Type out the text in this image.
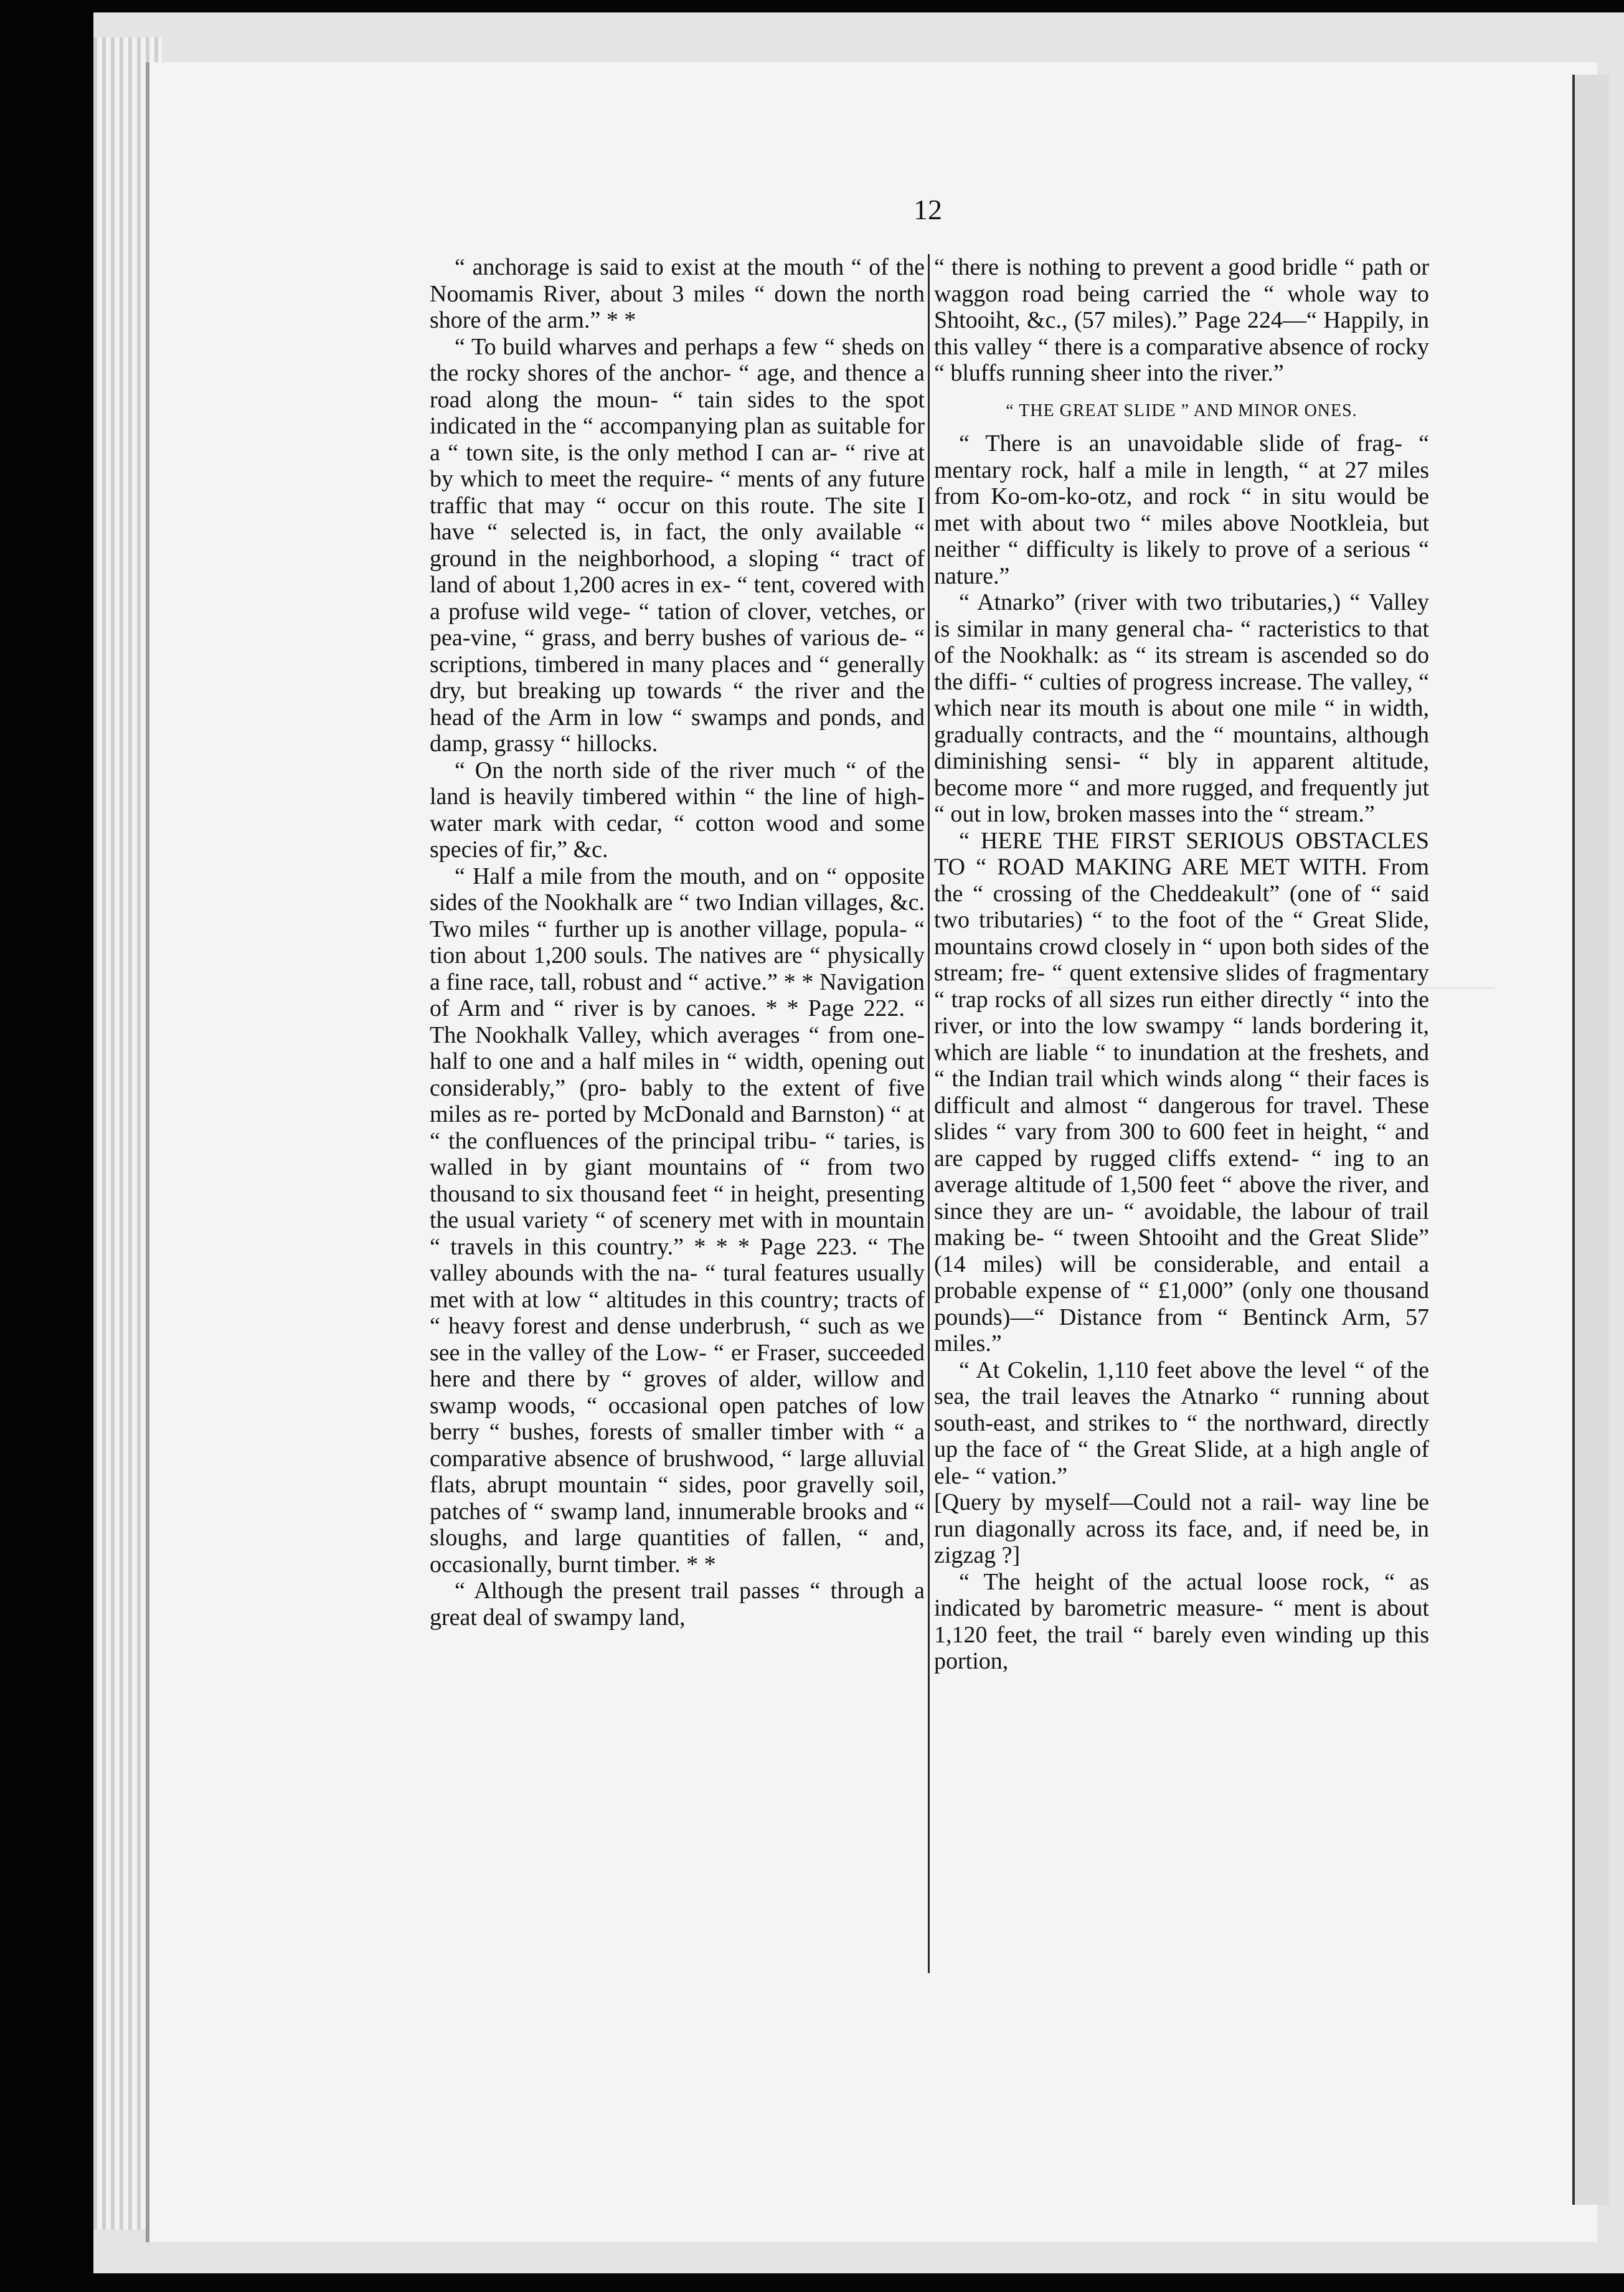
12

“ anchorage is said to exist at the mouth “ of the Noomamis River, about 3 miles “ down the north shore of the arm.” * *

“ To build wharves and perhaps a few “ sheds on the rocky shores of the anchor- “ age, and thence a road along the moun- “ tain sides to the spot indicated in the “ accompanying plan as suitable for a “ town site, is the only method I can ar- “ rive at by which to meet the require- “ ments of any future traffic that may “ occur on this route. The site I have “ selected is, in fact, the only available “ ground in the neighborhood, a sloping “ tract of land of about 1,200 acres in ex- “ tent, covered with a profuse wild vege- “ tation of clover, vetches, or pea-vine, “ grass, and berry bushes of various de- “ scriptions, timbered in many places and “ generally dry, but breaking up towards “ the river and the head of the Arm in low “ swamps and ponds, and damp, grassy “ hillocks.

“ On the north side of the river much “ of the land is heavily timbered within “ the line of high-water mark with cedar, “ cotton wood and some species of fir,” &c.

“ Half a mile from the mouth, and on “ opposite sides of the Nookhalk are “ two Indian villages, &c. Two miles “ further up is another village, popula- “ tion about 1,200 souls. The natives are “ physically a fine race, tall, robust and “ active.” * * Navigation of Arm and “ river is by canoes. * * Page 222. “ The Nookhalk Valley, which averages “ from one-half to one and a half miles in “ width, opening out considerably,” (pro- bably to the extent of five miles as re- ported by McDonald and Barnston) “ at “ the confluences of the principal tribu- “ taries, is walled in by giant mountains of “ from two thousand to six thousand feet “ in height, presenting the usual variety “ of scenery met with in mountain “ travels in this country.” * * * Page 223. “ The valley abounds with the na- “ tural features usually met with at low “ altitudes in this country; tracts of “ heavy forest and dense underbrush, “ such as we see in the valley of the Low- “ er Fraser, succeeded here and there by “ groves of alder, willow and swamp woods, “ occasional open patches of low berry “ bushes, forests of smaller timber with “ a comparative absence of brushwood, “ large alluvial flats, abrupt mountain “ sides, poor gravelly soil, patches of “ swamp land, innumerable brooks and “ sloughs, and large quantities of fallen, “ and, occasionally, burnt timber. * *

“ Although the present trail passes “ through a great deal of swampy land,

“ there is nothing to prevent a good bridle “ path or waggon road being carried the “ whole way to Shtooiht, &c., (57 miles).” Page 224—“ Happily, in this valley “ there is a comparative absence of rocky “ bluffs running sheer into the river.”

“ THE GREAT SLIDE ” AND MINOR ONES.

“ There is an unavoidable slide of frag- “ mentary rock, half a mile in length, “ at 27 miles from Ko-om-ko-otz, and rock “ in situ would be met with about two “ miles above Nootkleia, but neither “ difficulty is likely to prove of a serious “ nature.”

“ Atnarko” (river with two tributaries,) “ Valley is similar in many general cha- “ racteristics to that of the Nookhalk: as “ its stream is ascended so do the diffi- “ culties of progress increase. The valley, “ which near its mouth is about one mile “ in width, gradually contracts, and the “ mountains, although diminishing sensi- “ bly in apparent altitude, become more “ and more rugged, and frequently jut “ out in low, broken masses into the “ stream.”

“ HERE THE FIRST SERIOUS OBSTACLES TO “ ROAD MAKING ARE MET WITH. From the “ crossing of the Cheddeakult” (one of “ said two tributaries) “ to the foot of the “ Great Slide, mountains crowd closely in “ upon both sides of the stream; fre- “ quent extensive slides of fragmentary “ trap rocks of all sizes run either directly “ into the river, or into the low swampy “ lands bordering it, which are liable “ to inundation at the freshets, and “ the Indian trail which winds along “ their faces is difficult and almost “ dangerous for travel. These slides “ vary from 300 to 600 feet in height, “ and are capped by rugged cliffs extend- “ ing to an average altitude of 1,500 feet “ above the river, and since they are un- “ avoidable, the labour of trail making be- “ tween Shtooiht and the Great Slide” (14 miles) will be considerable, and entail a probable expense of “ £1,000” (only one thousand pounds)—“ Distance from “ Bentinck Arm, 57 miles.”

“ At Cokelin, 1,110 feet above the level “ of the sea, the trail leaves the Atnarko “ running about south-east, and strikes to “ the northward, directly up the face of “ the Great Slide, at a high angle of ele- “ vation.”

[Query by myself—Could not a rail- way line be run diagonally across its face, and, if need be, in zigzag ?]

“ The height of the actual loose rock, “ as indicated by barometric measure- “ ment is about 1,120 feet, the trail “ barely even winding up this portion,
